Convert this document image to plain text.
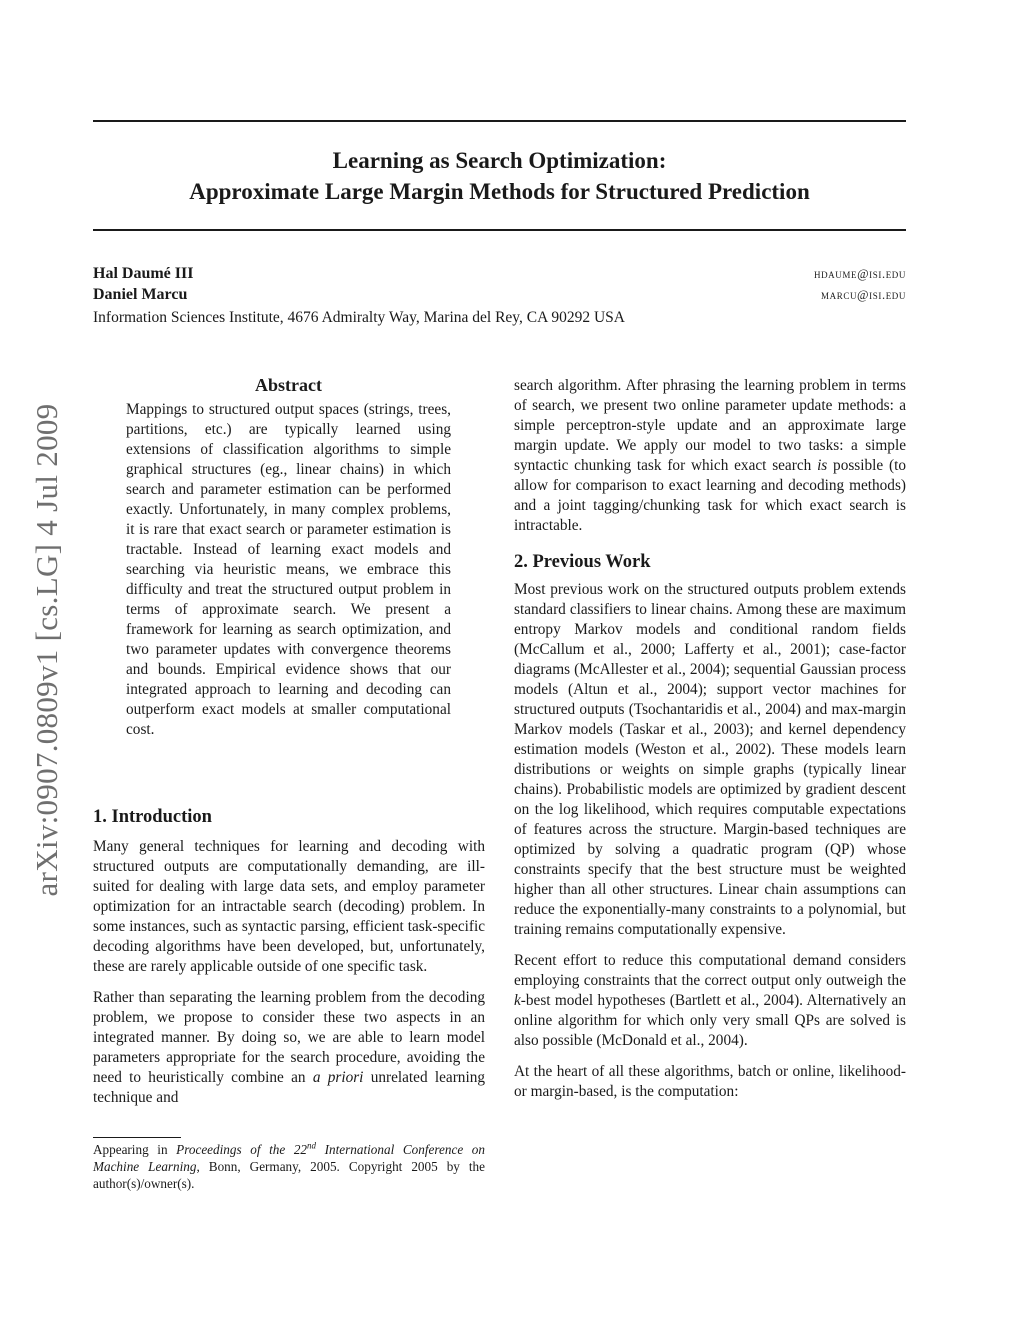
arXiv:0907.0809v1 [cs.LG] 4 Jul 2009
Learning as Search Optimization:
Approximate Large Margin Methods for Structured Prediction
Hal Daumé III	hdaume@isi.edu
Daniel Marcu	marcu@isi.edu
Information Sciences Institute, 4676 Admiralty Way, Marina del Rey, CA 90292 USA
Abstract

Mappings to structured output spaces (strings, trees, partitions, etc.) are typically learned using extensions of classification algorithms to simple graphical structures (eg., linear chains) in which search and parameter estimation can be performed exactly. Unfortunately, in many complex problems, it is rare that exact search or parameter estimation is tractable. Instead of learning exact models and searching via heuristic means, we embrace this difficulty and treat the structured output problem in terms of approximate search. We present a framework for learning as search optimization, and two parameter updates with convergence theorems and bounds. Empirical evidence shows that our integrated approach to learning and decoding can outperform exact models at smaller computational cost.

1. Introduction

Many general techniques for learning and decoding with structured outputs are computationally demanding, are ill-suited for dealing with large data sets, and employ parameter optimization for an intractable search (decoding) problem. In some instances, such as syntactic parsing, efficient task-specific decoding algorithms have been developed, but, unfortunately, these are rarely applicable outside of one specific task.

Rather than separating the learning problem from the decoding problem, we propose to consider these two aspects in an integrated manner. By doing so, we are able to learn model parameters appropriate for the search procedure, avoiding the need to heuristically combine an a priori unrelated learning technique and

Appearing in Proceedings of the 22nd International Conference on Machine Learning, Bonn, Germany, 2005. Copyright 2005 by the author(s)/owner(s).

search algorithm. After phrasing the learning problem in terms of search, we present two online parameter update methods: a simple perceptron-style update and an approximate large margin update. We apply our model to two tasks: a simple syntactic chunking task for which exact search is possible (to allow for comparison to exact learning and decoding methods) and a joint tagging/chunking task for which exact search is intractable.

2. Previous Work

Most previous work on the structured outputs problem extends standard classifiers to linear chains. Among these are maximum entropy Markov models and conditional random fields (McCallum et al., 2000; Lafferty et al., 2001); case-factor diagrams (McAllester et al., 2004); sequential Gaussian process models (Altun et al., 2004); support vector machines for structured outputs (Tsochantaridis et al., 2004) and max-margin Markov models (Taskar et al., 2003); and kernel dependency estimation models (Weston et al., 2002). These models learn distributions or weights on simple graphs (typically linear chains). Probabilistic models are optimized by gradient descent on the log likelihood, which requires computable expectations of features across the structure. Margin-based techniques are optimized by solving a quadratic program (QP) whose constraints specify that the best structure must be weighted higher than all other structures. Linear chain assumptions can reduce the exponentially-many constraints to a polynomial, but training remains computationally expensive.

Recent effort to reduce this computational demand considers employing constraints that the correct output only outweigh the k-best model hypotheses (Bartlett et al., 2004). Alternatively an online algorithm for which only very small QPs are solved is also possible (McDonald et al., 2004).

At the heart of all these algorithms, batch or online, likelihood- or margin-based, is the computation:
